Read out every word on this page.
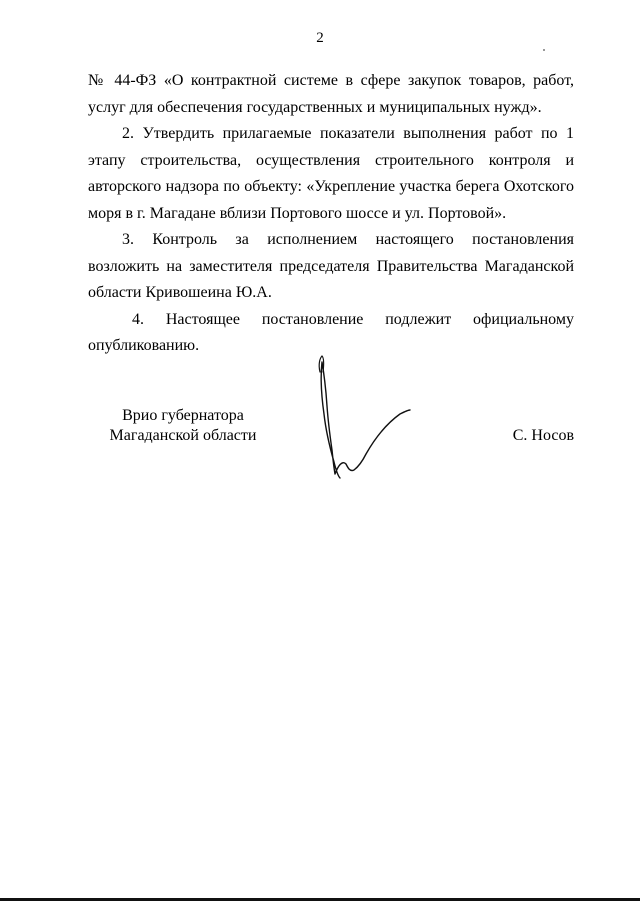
2

№ 44-ФЗ «О контрактной системе в сфере закупок товаров, работ, услуг для обеспечения государственных и муниципальных нужд».

2. Утвердить прилагаемые показатели выполнения работ по 1 этапу строительства, осуществления строительного контроля и авторского надзора по объекту: «Укрепление участка берега Охотского моря в г. Магадане вблизи Портового шоссе и ул. Портовой».

3. Контроль за исполнением настоящего постановления возложить на заместителя председателя Правительства Магаданской области Кривошеина Ю.А.

4. Настоящее постановление подлежит официальному опубликованию.

Врио губернатора
Магаданской области	С. Носов
